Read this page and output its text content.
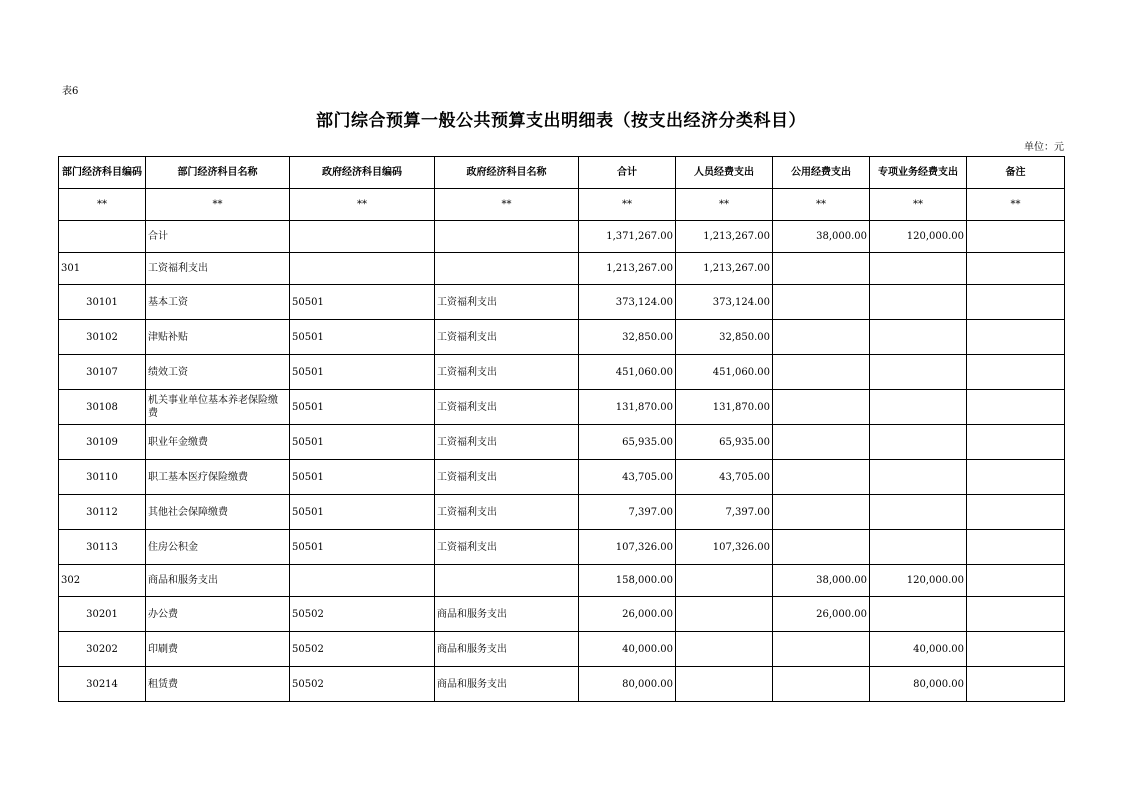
表6
部门综合预算一般公共预算支出明细表（按支出经济分类科目）
单位：元
部门经济科目编码	部门经济科目名称	政府经济科目编码	政府经济科目名称	合计	人员经费支出	公用经费支出	专项业务经费支出	备注
**	**	**	**	**	**	**	**	**
	合计			1,371,267.00	1,213,267.00	38,000.00	120,000.00	
301	工资福利支出			1,213,267.00	1,213,267.00			
30101	基本工资	50501	工资福利支出	373,124.00	373,124.00			
30102	津贴补贴	50501	工资福利支出	32,850.00	32,850.00			
30107	绩效工资	50501	工资福利支出	451,060.00	451,060.00			
30108	机关事业单位基本养老保险缴费	50501	工资福利支出	131,870.00	131,870.00			
30109	职业年金缴费	50501	工资福利支出	65,935.00	65,935.00			
30110	职工基本医疗保险缴费	50501	工资福利支出	43,705.00	43,705.00			
30112	其他社会保障缴费	50501	工资福利支出	7,397.00	7,397.00			
30113	住房公积金	50501	工资福利支出	107,326.00	107,326.00			
302	商品和服务支出			158,000.00		38,000.00	120,000.00	
30201	办公费	50502	商品和服务支出	26,000.00		26,000.00		
30202	印刷费	50502	商品和服务支出	40,000.00			40,000.00	
30214	租赁费	50502	商品和服务支出	80,000.00			80,000.00	
